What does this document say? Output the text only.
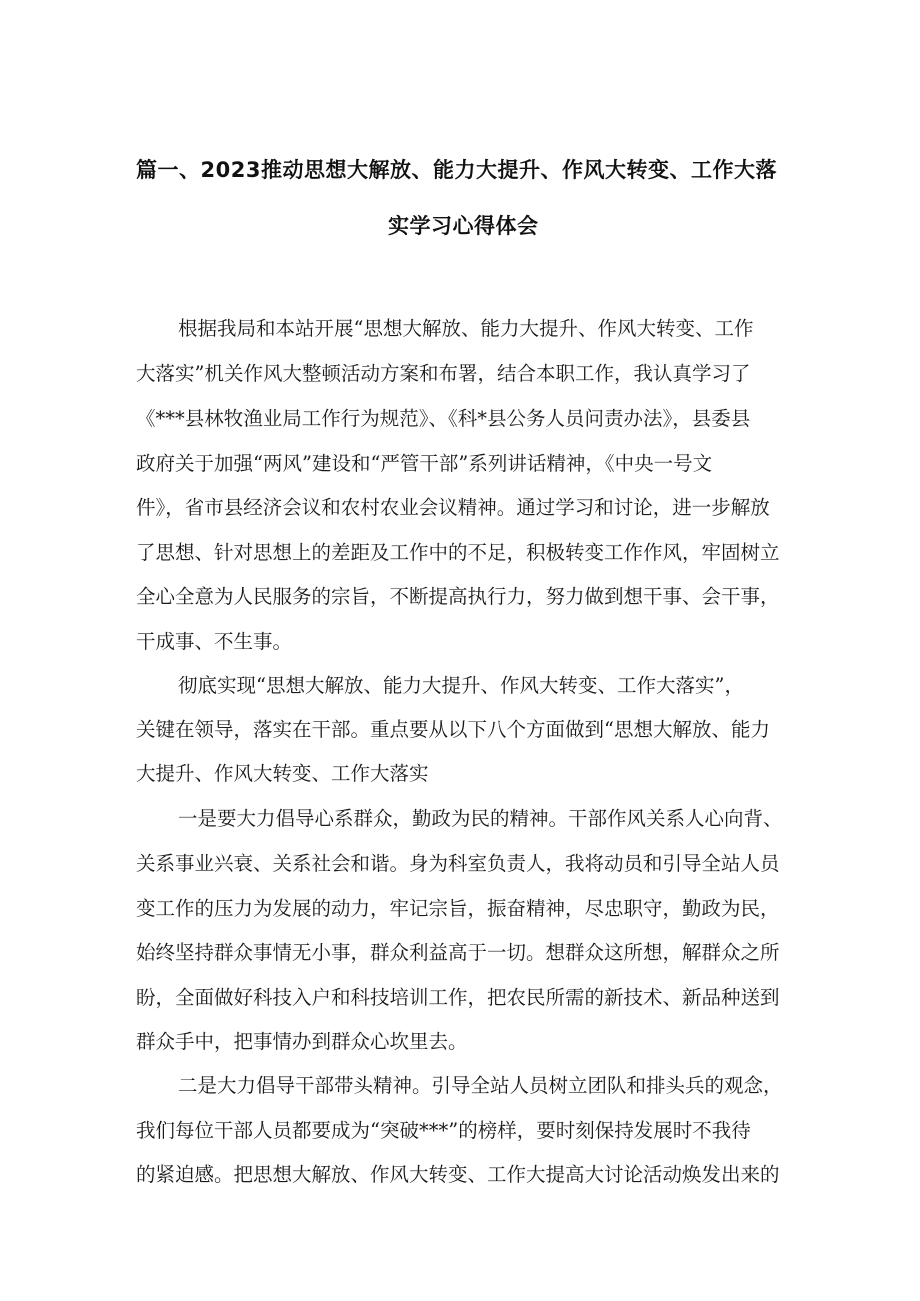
篇一、2023推动思想大解放、能力大提升、作风大转变、工作大落
实学习心得体会
根据我局和本站开展“思想大解放、能力大提升、作风大转变、工作
大落实”机关作风大整顿活动方案和布署，结合本职工作，我认真学习了
《***县林牧渔业局工作行为规范》、《科*县公务人员问责办法》，县委县
政府关于加强“两风”建设和“严管干部”系列讲话精神，《中央一号文
件》，省市县经济会议和农村农业会议精神。通过学习和讨论，进一步解放
了思想、针对思想上的差距及工作中的不足，积极转变工作作风，牢固树立
全心全意为人民服务的宗旨，不断提高执行力，努力做到想干事、会干事，
干成事、不生事。
彻底实现“思想大解放、能力大提升、作风大转变、工作大落实”，
关键在领导，落实在干部。重点要从以下八个方面做到“思想大解放、能力
大提升、作风大转变、工作大落实
一是要大力倡导心系群众，勤政为民的精神。干部作风关系人心向背、
关系事业兴衰、关系社会和谐。身为科室负责人，我将动员和引导全站人员
变工作的压力为发展的动力，牢记宗旨，振奋精神，尽忠职守，勤政为民，
始终坚持群众事情无小事，群众利益高于一切。想群众这所想，解群众之所
盼，全面做好科技入户和科技培训工作，把农民所需的新技术、新品种送到
群众手中，把事情办到群众心坎里去。
二是大力倡导干部带头精神。引导全站人员树立团队和排头兵的观念，
我们每位干部人员都要成为“突破***”的榜样，要时刻保持发展时不我待
的紧迫感。把思想大解放、作风大转变、工作大提高大讨论活动焕发出来的
